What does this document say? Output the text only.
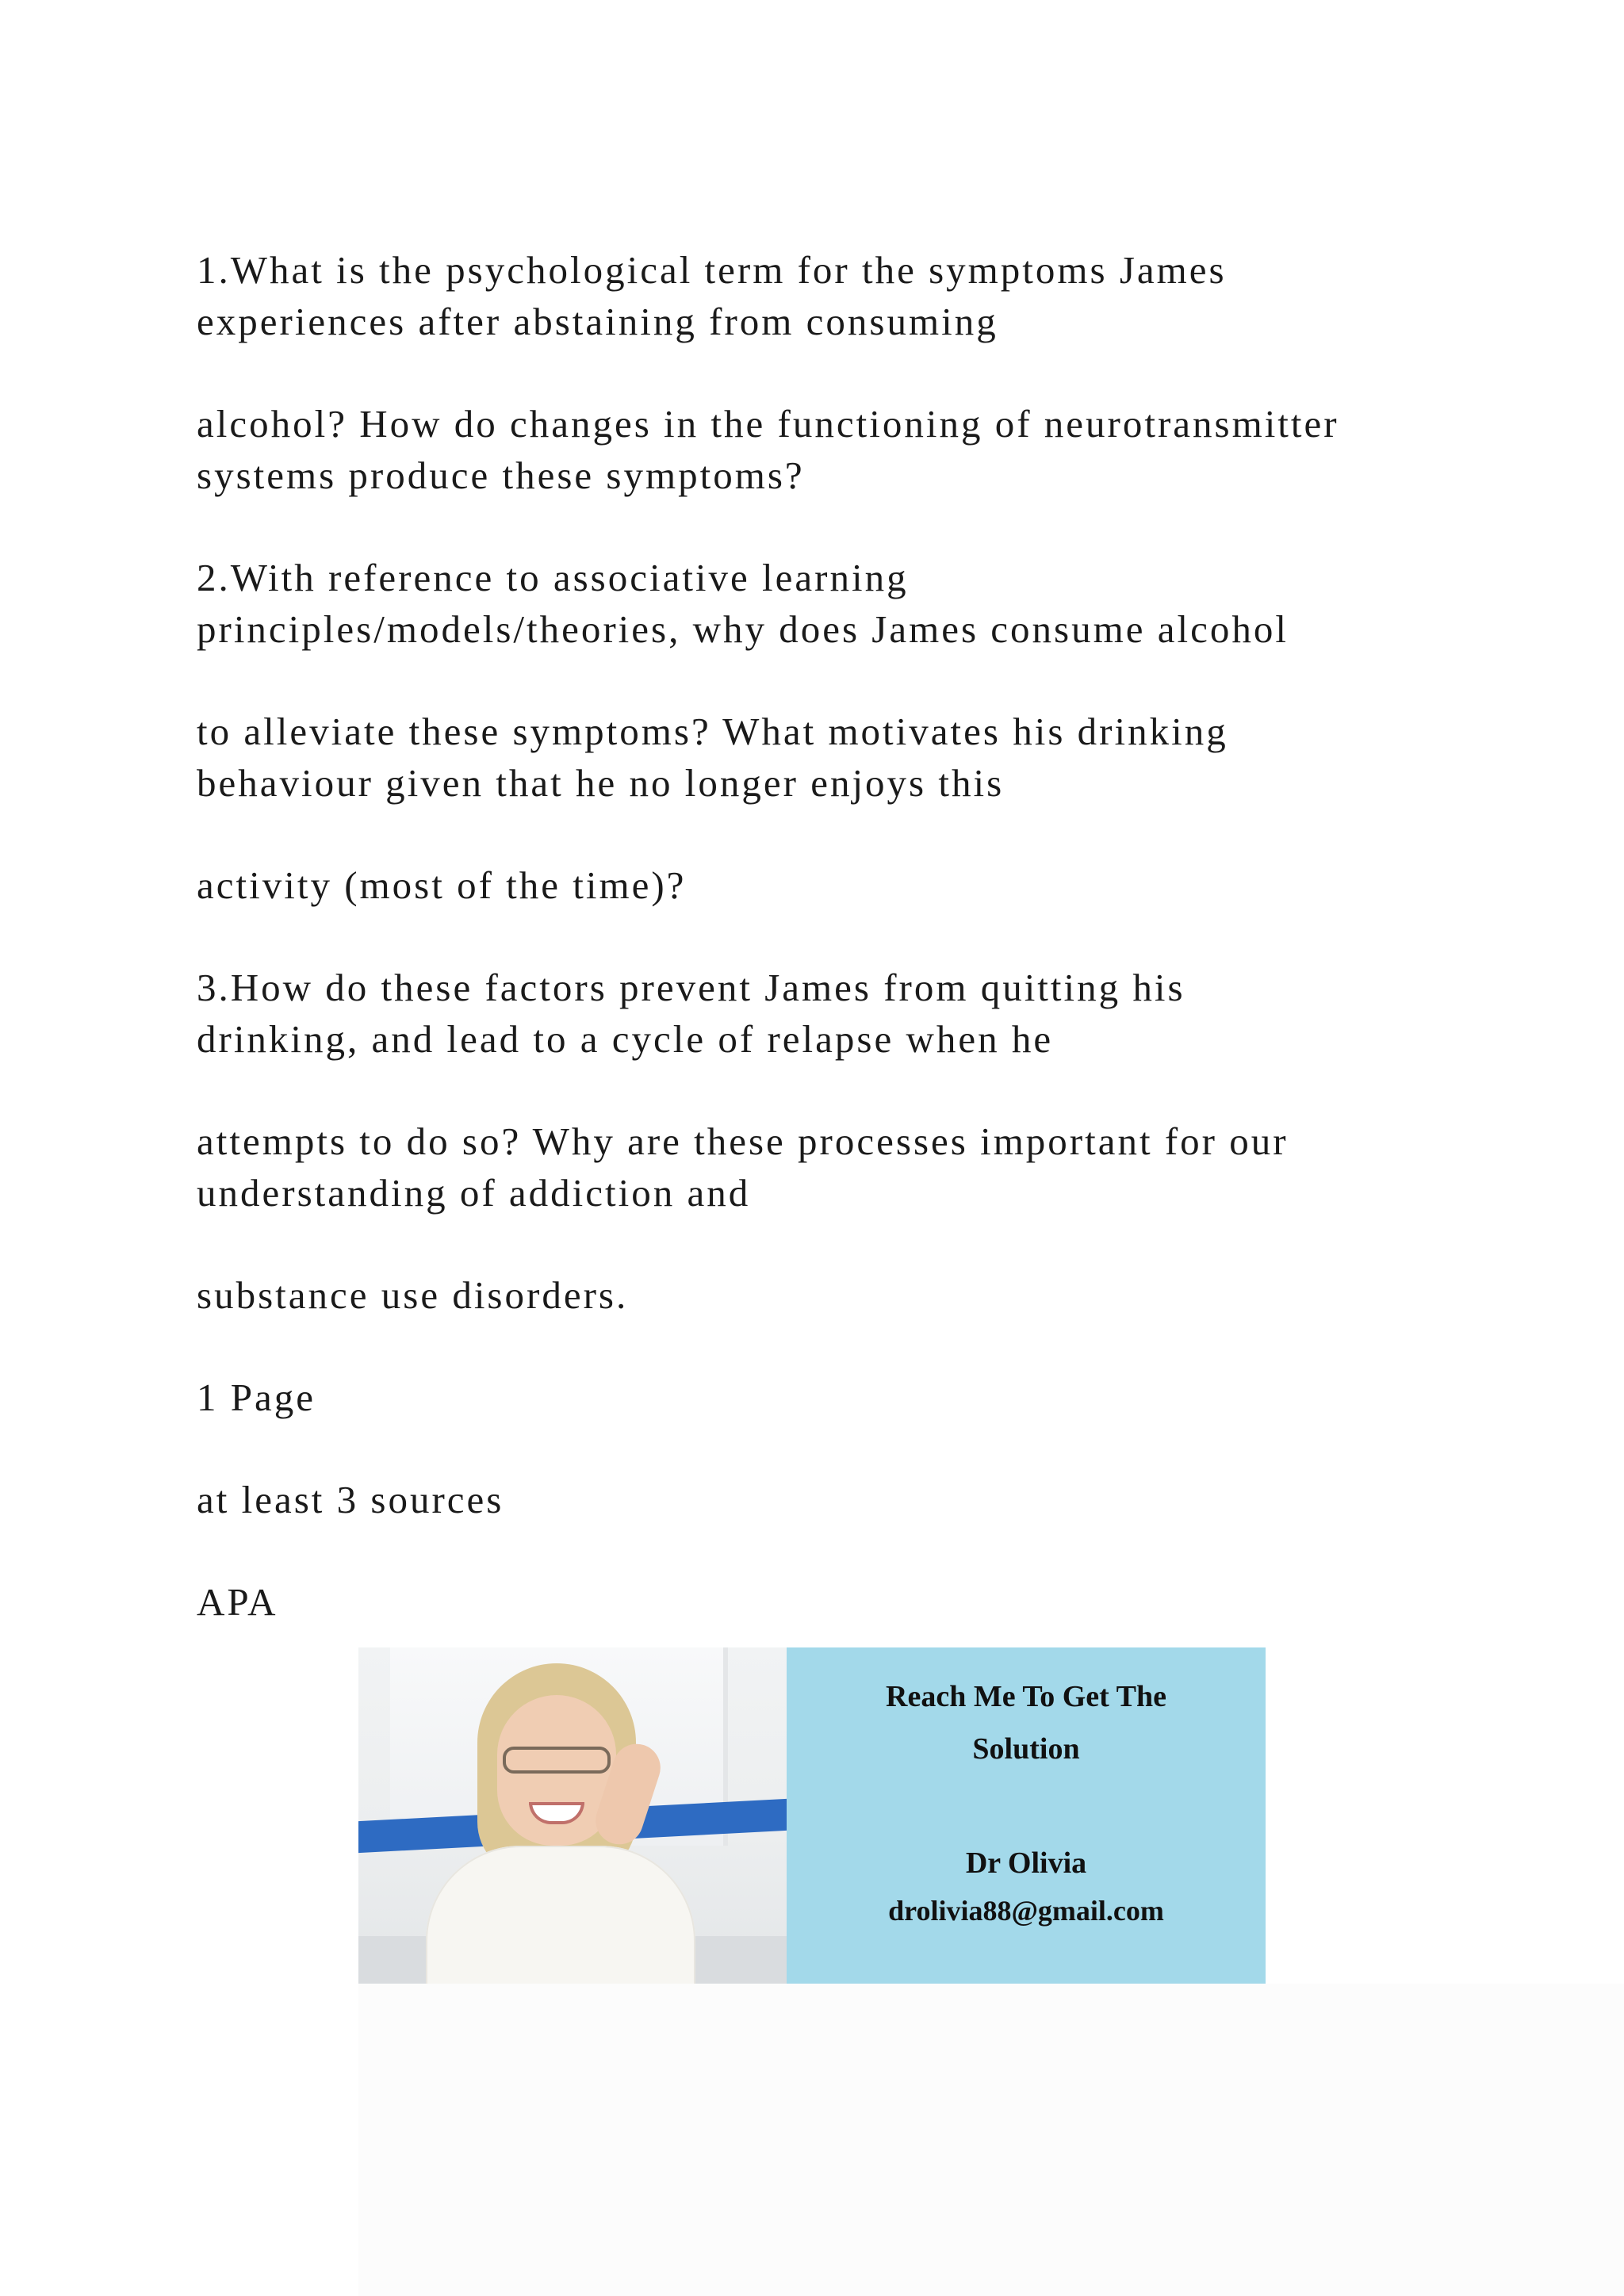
1.What is the psychological term for the symptoms James
experiences after abstaining from consuming

alcohol? How do changes in the functioning of neurotransmitter
systems produce these symptoms?

2.With reference to associative learning
principles/models/theories, why does James consume alcohol

to alleviate these symptoms? What motivates his drinking
behaviour given that he no longer enjoys this

activity (most of the time)?

3.How do these factors prevent James from quitting his
drinking, and lead to a cycle of relapse when he

attempts to do so? Why are these processes important for our
understanding of addiction and

substance use disorders.

1 Page

at least 3 sources

APA

Reach Me To Get The
Solution
Dr Olivia
drolivia88@gmail.com
